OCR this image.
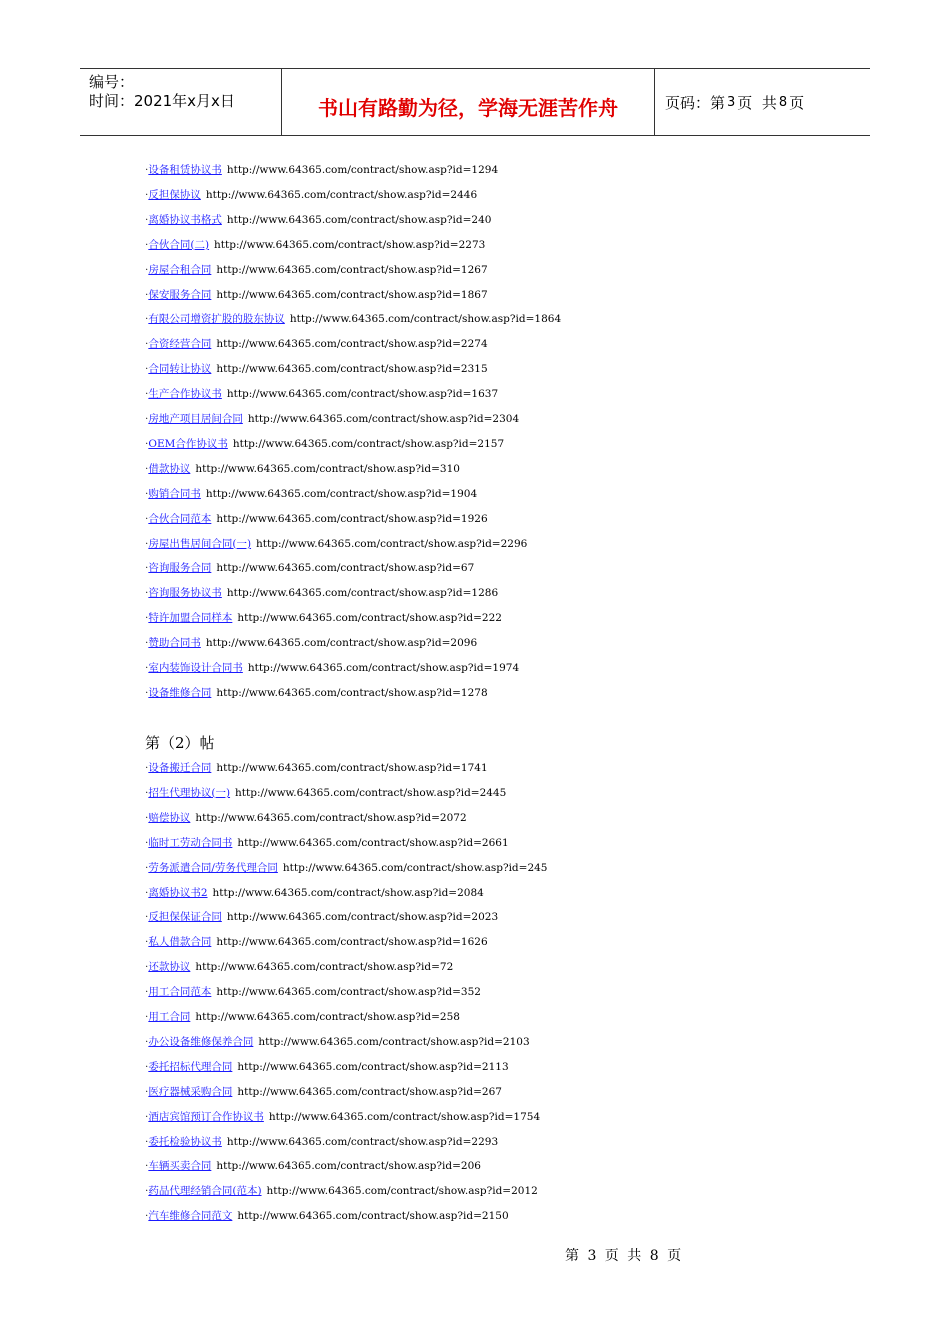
编号：
时间：2021年x月x日	书山有路勤为径，学海无涯苦作舟	页码：第 3 页  共 8 页
·设备租赁协议书 http://www.64365.com/contract/show.asp?id=1294
·反担保协议 http://www.64365.com/contract/show.asp?id=2446
·离婚协议书格式 http://www.64365.com/contract/show.asp?id=240
·合伙合同(二) http://www.64365.com/contract/show.asp?id=2273
·房屋合租合同 http://www.64365.com/contract/show.asp?id=1267
·保安服务合同 http://www.64365.com/contract/show.asp?id=1867
·有限公司增资扩股的股东协议 http://www.64365.com/contract/show.asp?id=1864
·合资经营合同 http://www.64365.com/contract/show.asp?id=2274
·合同转让协议 http://www.64365.com/contract/show.asp?id=2315
·生产合作协议书 http://www.64365.com/contract/show.asp?id=1637
·房地产项目居间合同 http://www.64365.com/contract/show.asp?id=2304
·OEM合作协议书 http://www.64365.com/contract/show.asp?id=2157
·借款协议 http://www.64365.com/contract/show.asp?id=310
·购销合同书 http://www.64365.com/contract/show.asp?id=1904
·合伙合同范本 http://www.64365.com/contract/show.asp?id=1926
·房屋出售居间合同(一) http://www.64365.com/contract/show.asp?id=2296
·咨询服务合同 http://www.64365.com/contract/show.asp?id=67
·咨询服务协议书 http://www.64365.com/contract/show.asp?id=1286
·特许加盟合同样本 http://www.64365.com/contract/show.asp?id=222
·赞助合同书 http://www.64365.com/contract/show.asp?id=2096
·室内装饰设计合同书 http://www.64365.com/contract/show.asp?id=1974
·设备维修合同 http://www.64365.com/contract/show.asp?id=1278
第（2）帖
·设备搬迁合同 http://www.64365.com/contract/show.asp?id=1741
·招生代理协议(一) http://www.64365.com/contract/show.asp?id=2445
·赔偿协议 http://www.64365.com/contract/show.asp?id=2072
·临时工劳动合同书 http://www.64365.com/contract/show.asp?id=2661
·劳务派遣合同/劳务代理合同 http://www.64365.com/contract/show.asp?id=245
·离婚协议书2 http://www.64365.com/contract/show.asp?id=2084
·反担保保证合同 http://www.64365.com/contract/show.asp?id=2023
·私人借款合同 http://www.64365.com/contract/show.asp?id=1626
·还款协议 http://www.64365.com/contract/show.asp?id=72
·用工合同范本 http://www.64365.com/contract/show.asp?id=352
·用工合同 http://www.64365.com/contract/show.asp?id=258
·办公设备维修保养合同 http://www.64365.com/contract/show.asp?id=2103
·委托招标代理合同 http://www.64365.com/contract/show.asp?id=2113
·医疗器械采购合同 http://www.64365.com/contract/show.asp?id=267
·酒店宾馆预订合作协议书 http://www.64365.com/contract/show.asp?id=1754
·委托检验协议书 http://www.64365.com/contract/show.asp?id=2293
·车辆买卖合同 http://www.64365.com/contract/show.asp?id=206
·药品代理经销合同(范本) http://www.64365.com/contract/show.asp?id=2012
·汽车维修合同范文 http://www.64365.com/contract/show.asp?id=2150
第 3 页 共 8 页
